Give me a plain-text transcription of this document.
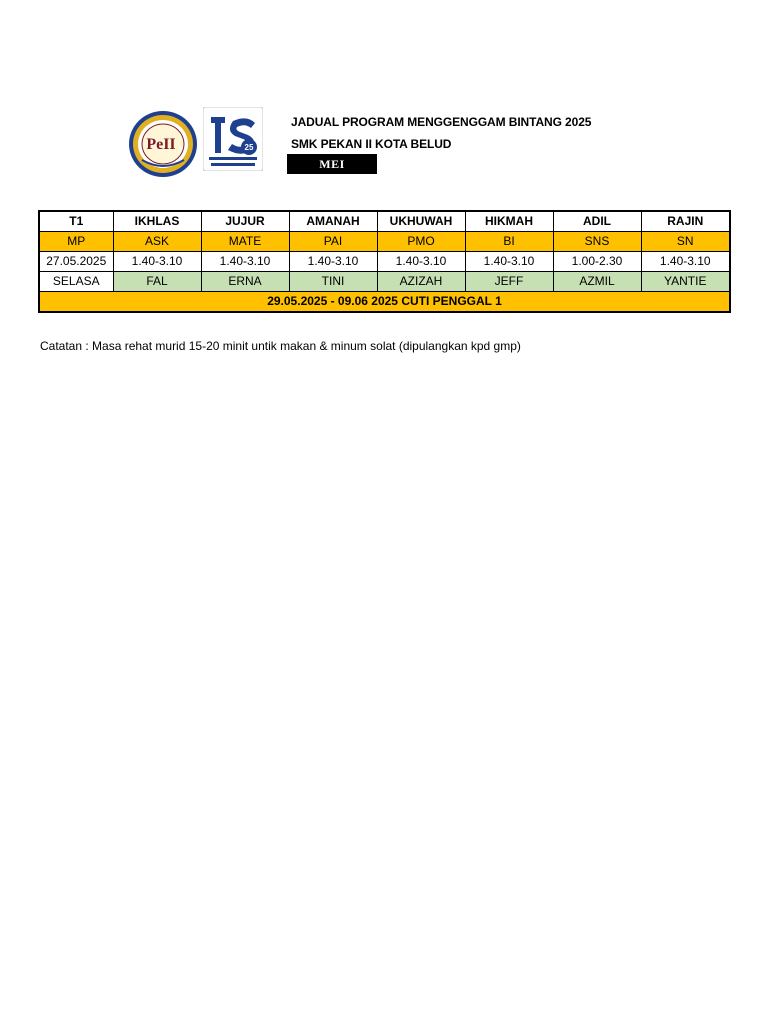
PeII	25
JADUAL PROGRAM MENGGENGGAM BINTANG 2025
SMK PEKAN II KOTA BELUD
MEI
T1	IKHLAS	JUJUR	AMANAH	UKHUWAH	HIKMAH	ADIL	RAJIN
MP	ASK	MATE	PAI	PMO	BI	SNS	SN
27.05.2025	1.40-3.10	1.40-3.10	1.40-3.10	1.40-3.10	1.40-3.10	1.00-2.30	1.40-3.10
SELASA	FAL	ERNA	TINI	AZIZAH	JEFF	AZMIL	YANTIE
29.05.2025 - 09.06 2025 CUTI PENGGAL 1							
Catatan : Masa rehat murid 15-20 minit untik makan & minum solat (dipulangkan kpd gmp)
